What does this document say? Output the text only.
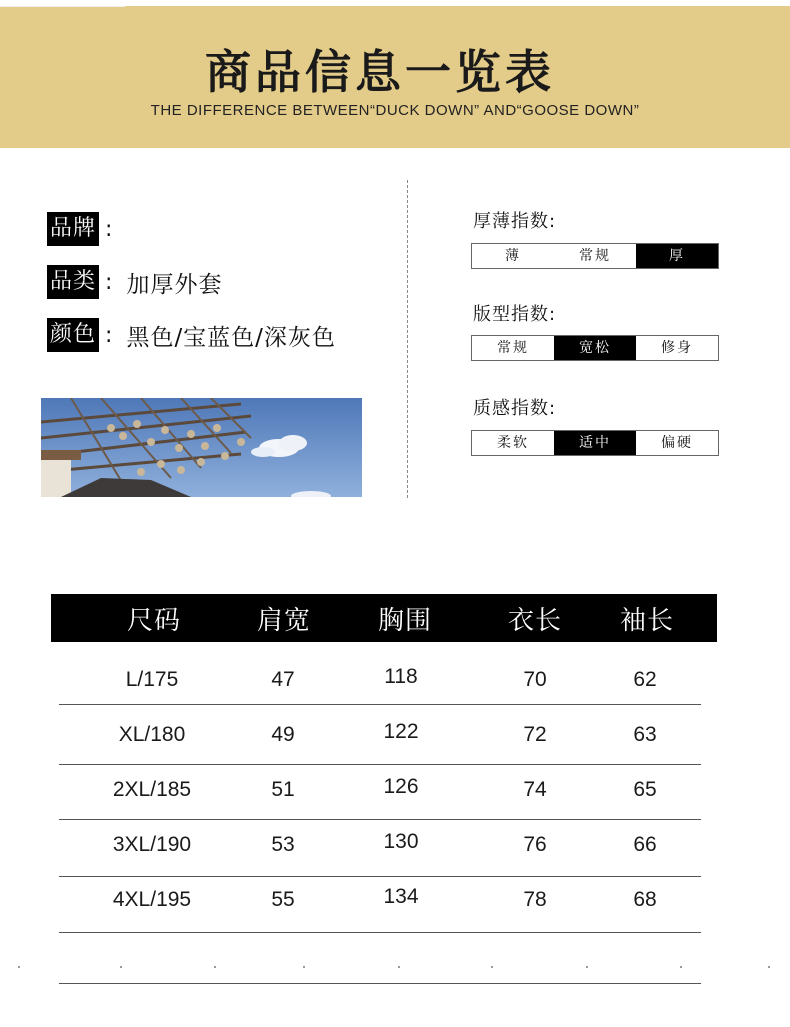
商品信息一览表
THE DIFFERENCE BETWEEN“DUCK DOWN” AND“GOOSE DOWN”
品牌 :
品类 : 加厚外套
颜色 : 黑色/宝蓝色/深灰色
厚薄指数:
薄	常规	厚
版型指数:
常规	宽松	修身
质感指数:
柔软	适中	偏硬
尺码	肩宽	胸围	衣长 袖长
L/175	47	118	70	62
XL/180	49	122	72	63
2XL/185	51	126	74	65
3XL/190	53	130	76	66
4XL/195	55	134	78	68
